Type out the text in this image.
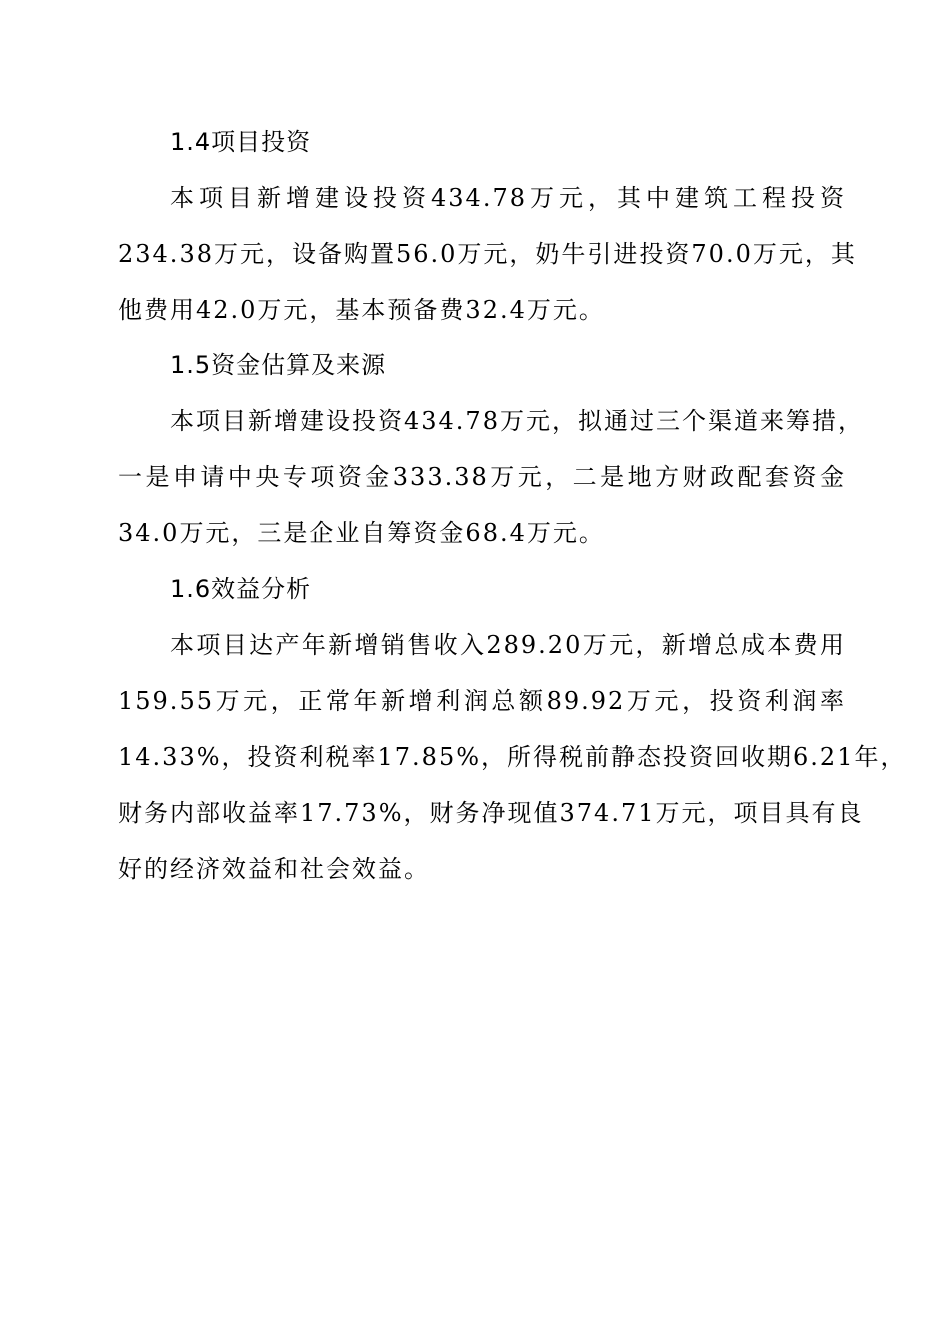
1.4项目投资
本项目新增建设投资434.78万元，其中建筑工程投资
234.38万元，设备购置56.0万元，奶牛引进投资70.0万元，其
他费用42.0万元，基本预备费32.4万元。
1.5资金估算及来源
本项目新增建设投资434.78万元，拟通过三个渠道来筹措，
一是申请中央专项资金333.38万元，二是地方财政配套资金
34.0万元，三是企业自筹资金68.4万元。
1.6效益分析
本项目达产年新增销售收入289.20万元，新增总成本费用
159.55万元，正常年新增利润总额89.92万元，投资利润率
14.33%，投资利税率17.85%，所得税前静态投资回收期6.21年，
财务内部收益率17.73%，财务净现值374.71万元，项目具有良
好的经济效益和社会效益。
